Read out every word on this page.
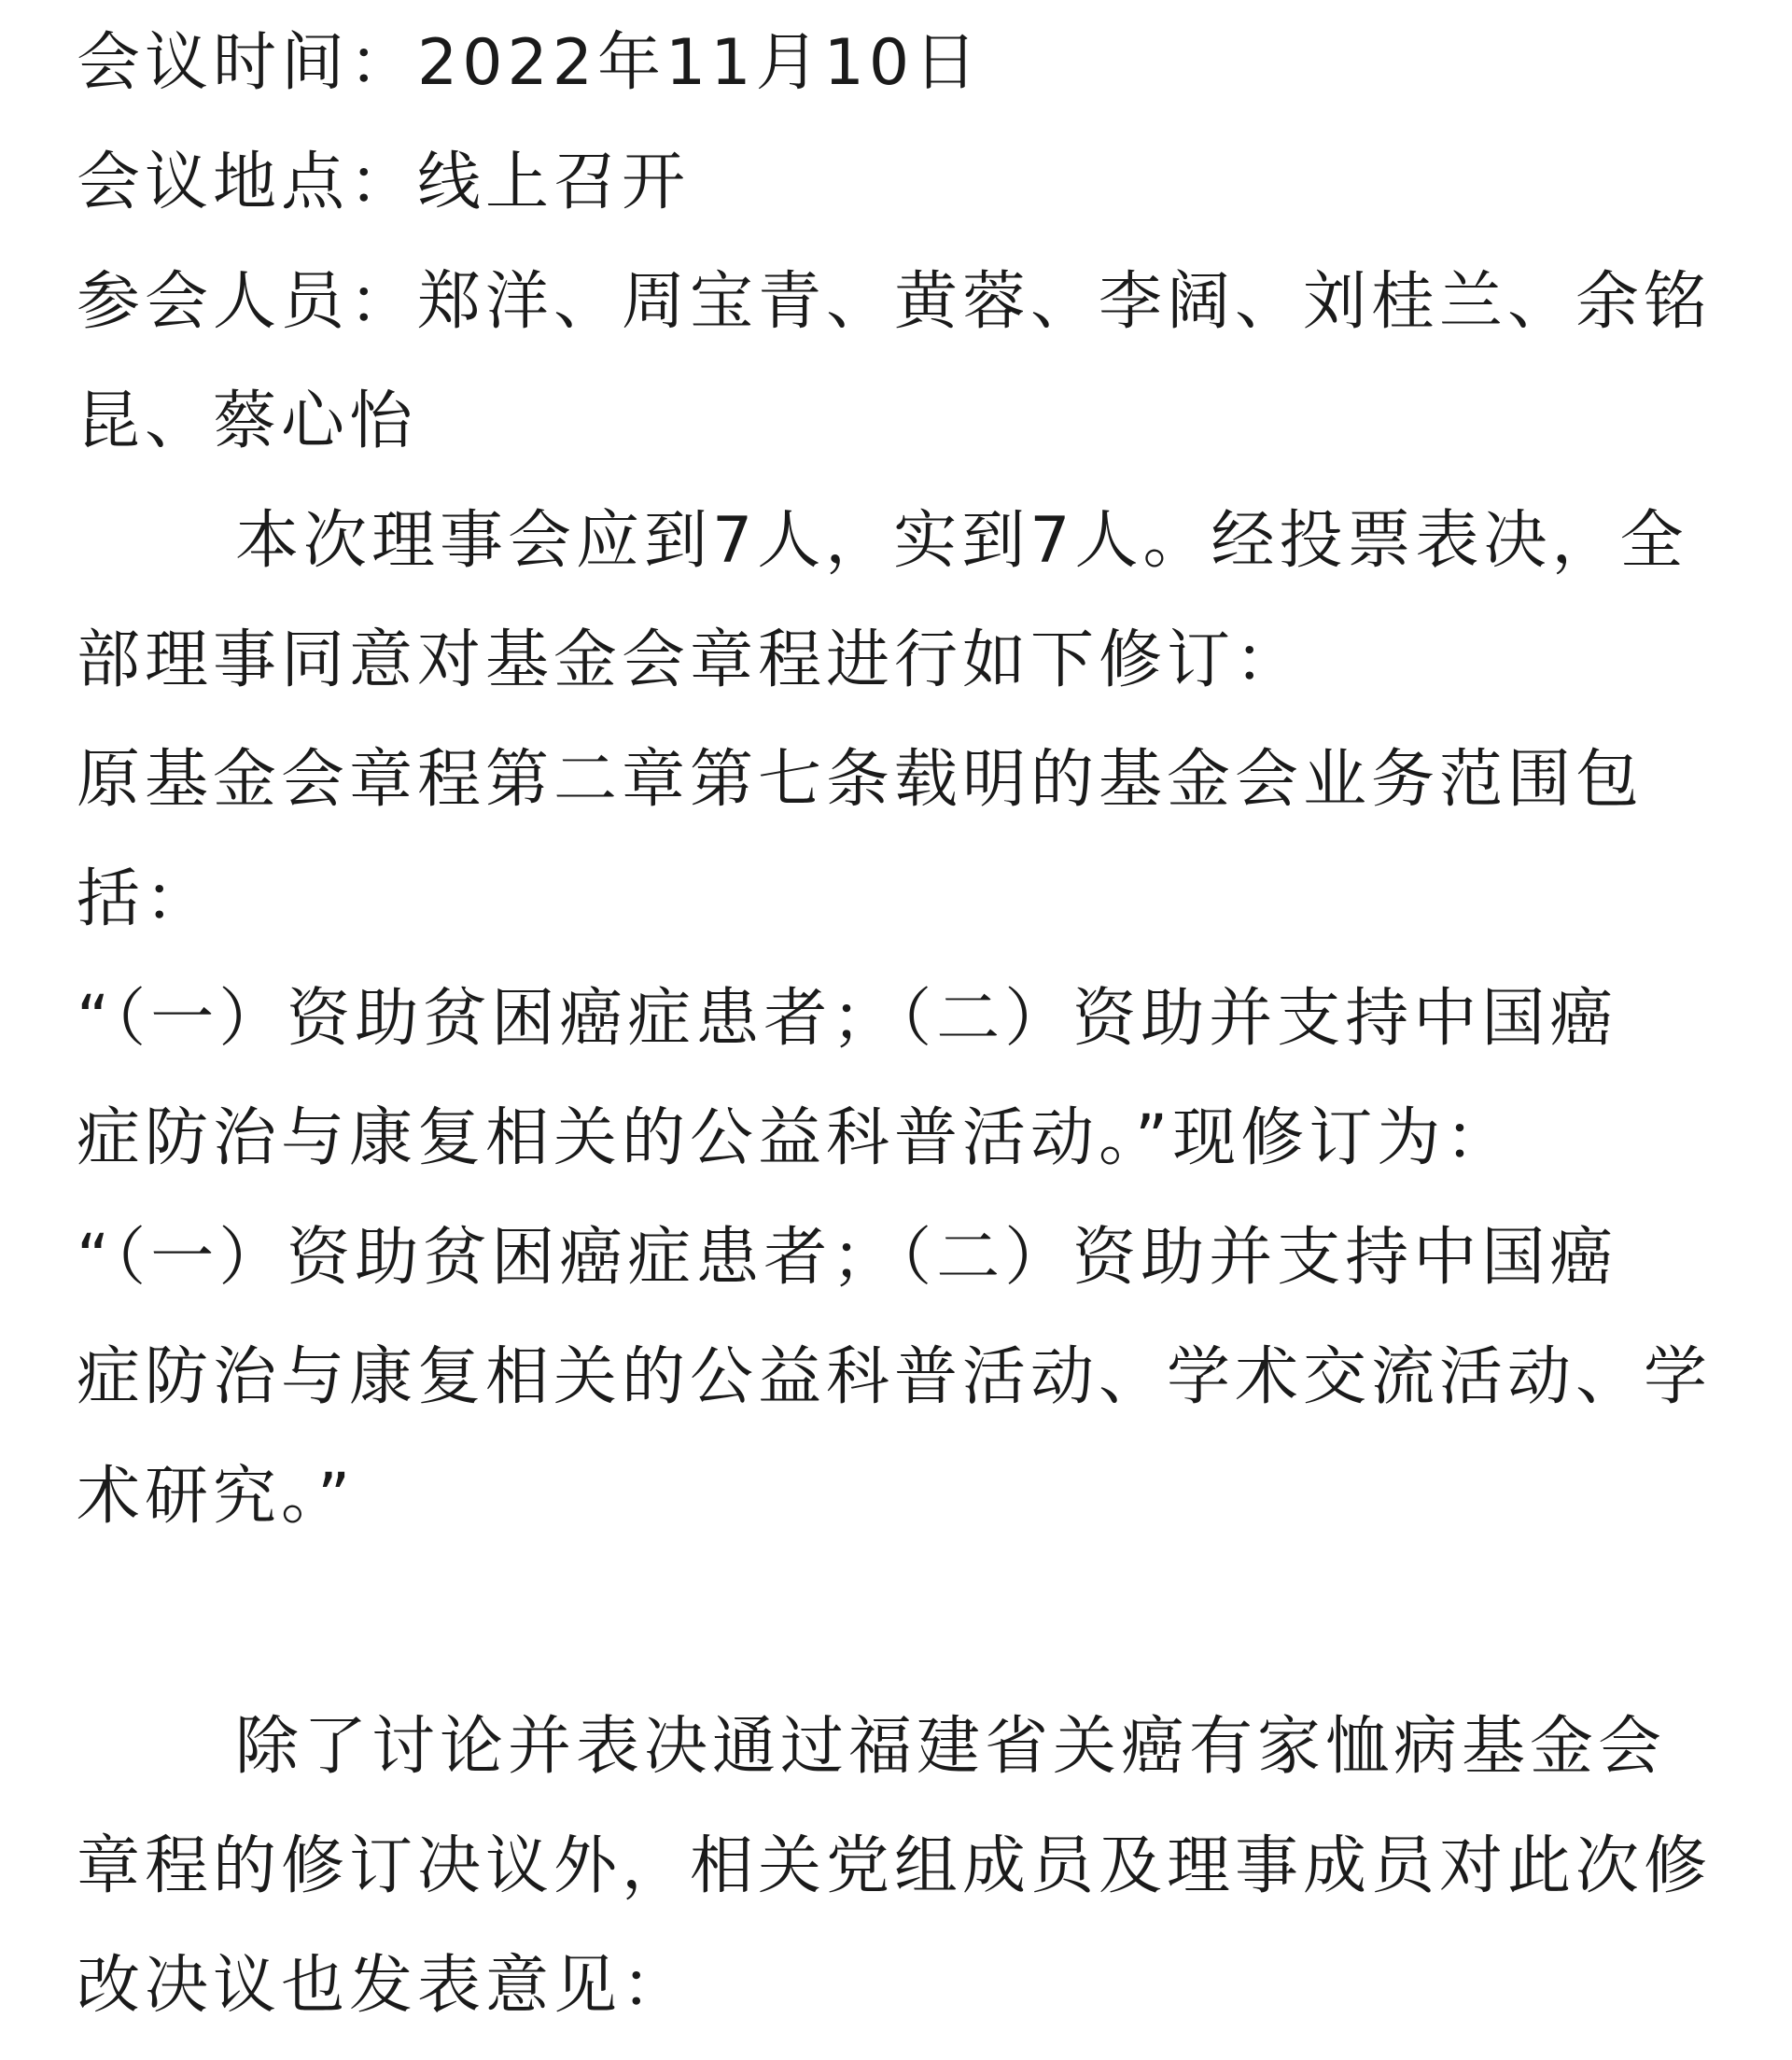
会议时间：2022年11月10日
会议地点：线上召开
参会人员：郑洋、周宝青、黄蓉、李阔、刘桂兰、余铭
昆、蔡心怡
本次理事会应到7人，实到7人。经投票表决，全
部理事同意对基金会章程进行如下修订：
原基金会章程第二章第七条载明的基金会业务范围包
括：
“（一）资助贫困癌症患者；（二）资助并支持中国癌
症防治与康复相关的公益科普活动。”现修订为：
“（一）资助贫困癌症患者；（二）资助并支持中国癌
症防治与康复相关的公益科普活动、学术交流活动、学
术研究。”
除了讨论并表决通过福建省关癌有家恤病基金会
章程的修订决议外，相关党组成员及理事成员对此次修
改决议也发表意见：
